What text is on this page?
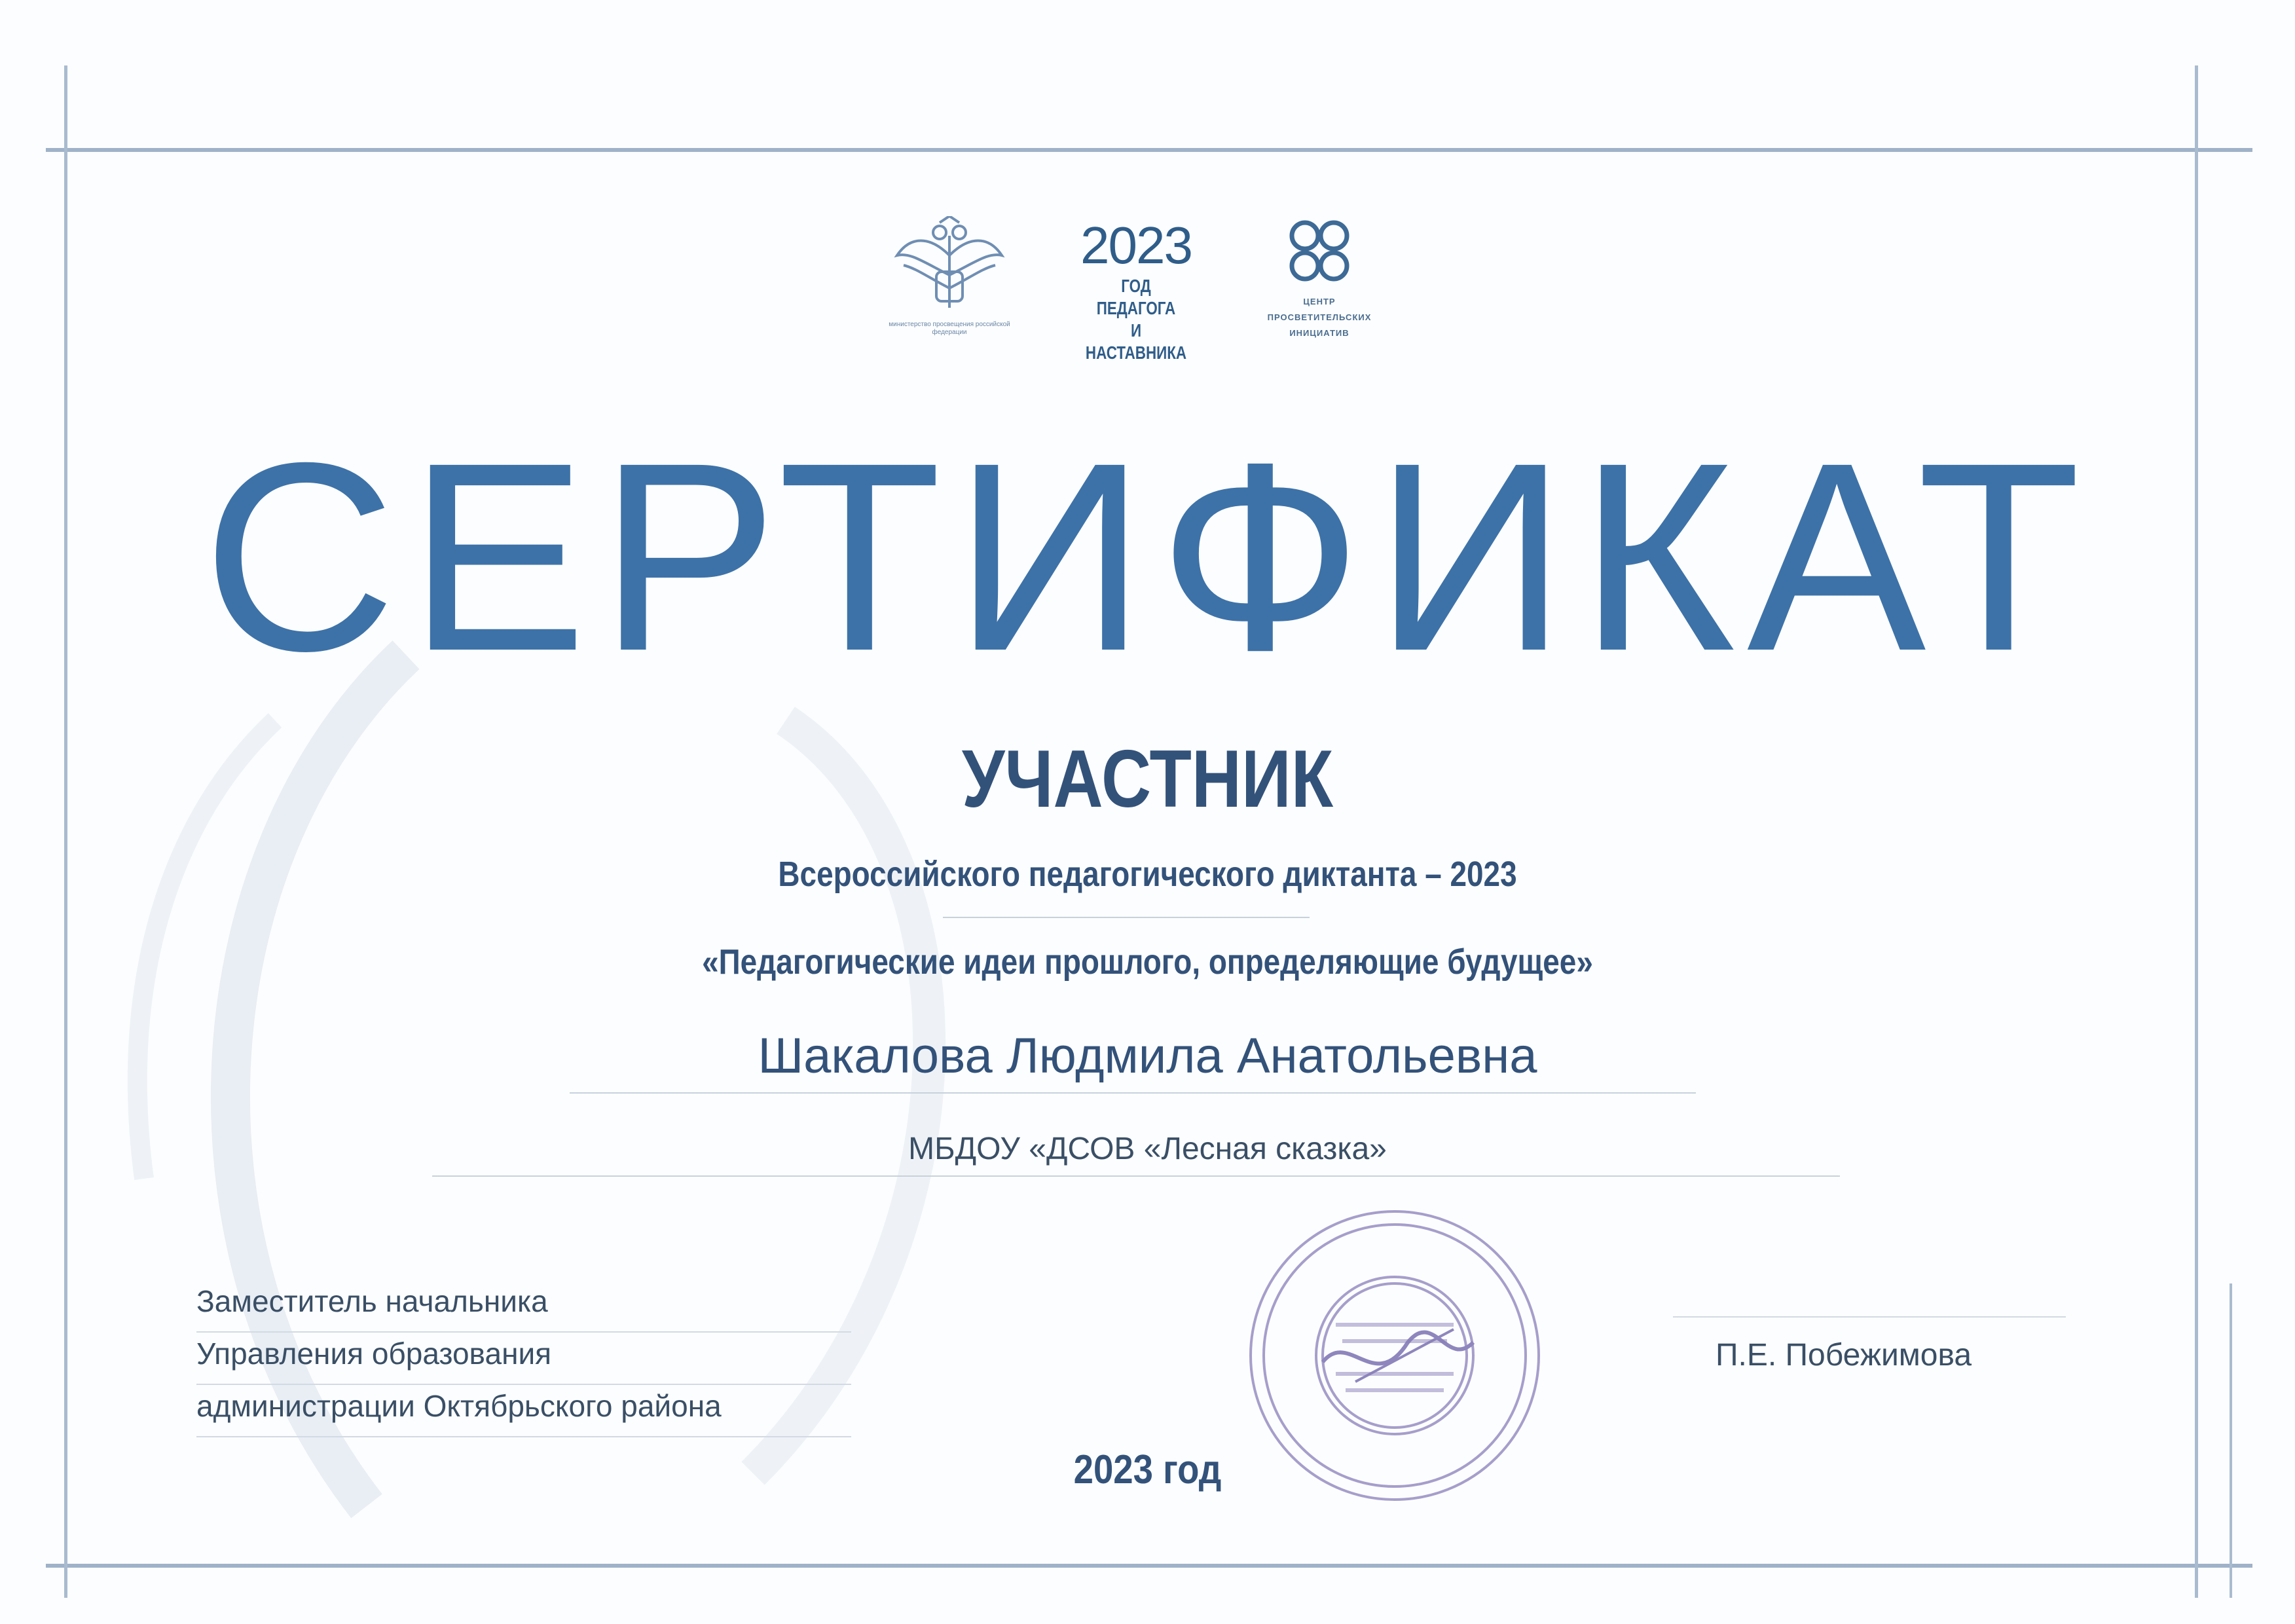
министерство просвещения российской федерации
2023
ГОД ПЕДАГОГА
И НАСТАВНИКА
ЦЕНТР
ПРОСВЕТИТЕЛЬСКИХ
ИНИЦИАТИВ
СЕРТИФИКАТ
УЧАСТНИК
Всероссийского педагогического диктанта – 2023
«Педагогические идеи прошлого, определяющие будущее»
Шакалова Людмила Анатольевна
МБДОУ «ДСОВ «Лесная сказка»
Заместитель начальника
Управления образования
администрации Октябрьского района
П.Е. Побежимова
2023 год
